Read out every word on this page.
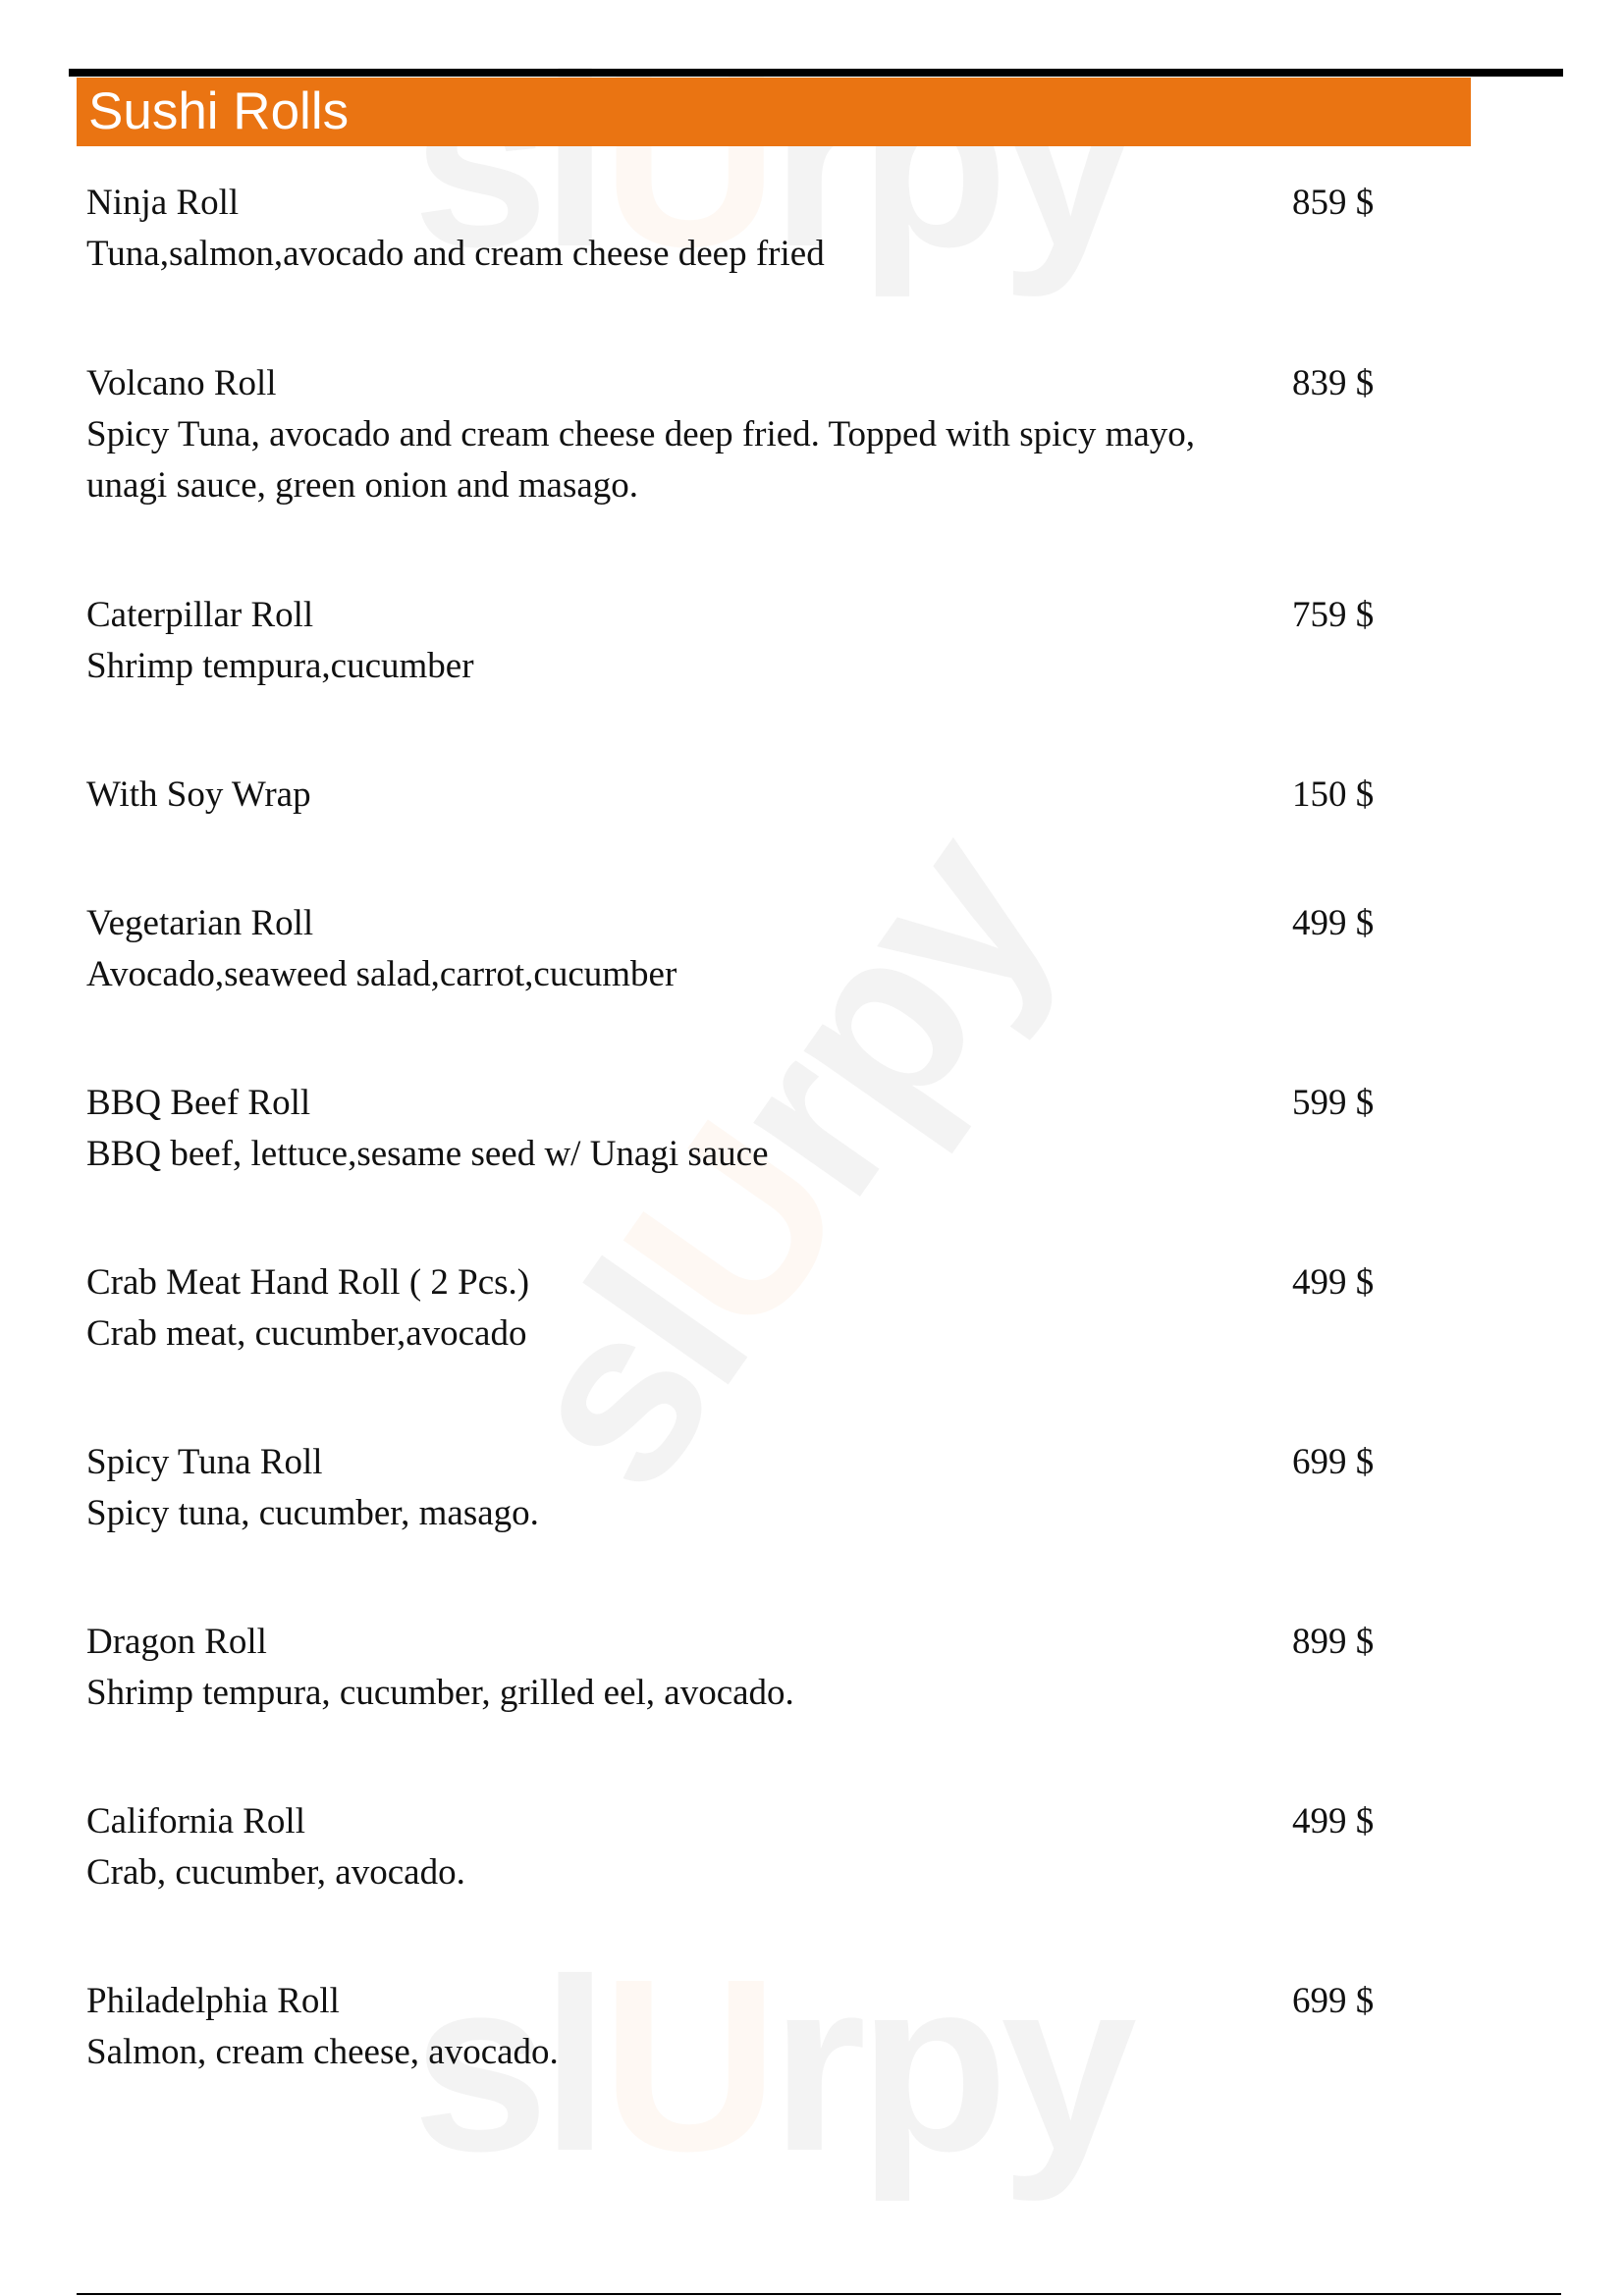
Sushi Rolls
Ninja Roll
Tuna,salmon,avocado and cream cheese deep fried
859 $
Volcano Roll
Spicy Tuna, avocado and cream cheese deep fried. Topped with spicy mayo, unagi sauce, green onion and masago.
839 $
Caterpillar Roll
Shrimp tempura,cucumber
759 $
With Soy Wrap	150 $
Vegetarian Roll
Avocado,seaweed salad,carrot,cucumber
499 $
BBQ Beef Roll
BBQ beef, lettuce,sesame seed w/ Unagi sauce
599 $
Crab Meat Hand Roll ( 2 Pcs.)
Crab meat, cucumber,avocado
499 $
Spicy Tuna Roll
Spicy tuna, cucumber, masago.
699 $
Dragon Roll
Shrimp tempura, cucumber, grilled eel, avocado.
899 $
California Roll
Crab, cucumber, avocado.
499 $
Philadelphia Roll
Salmon, cream cheese, avocado.
699 $
